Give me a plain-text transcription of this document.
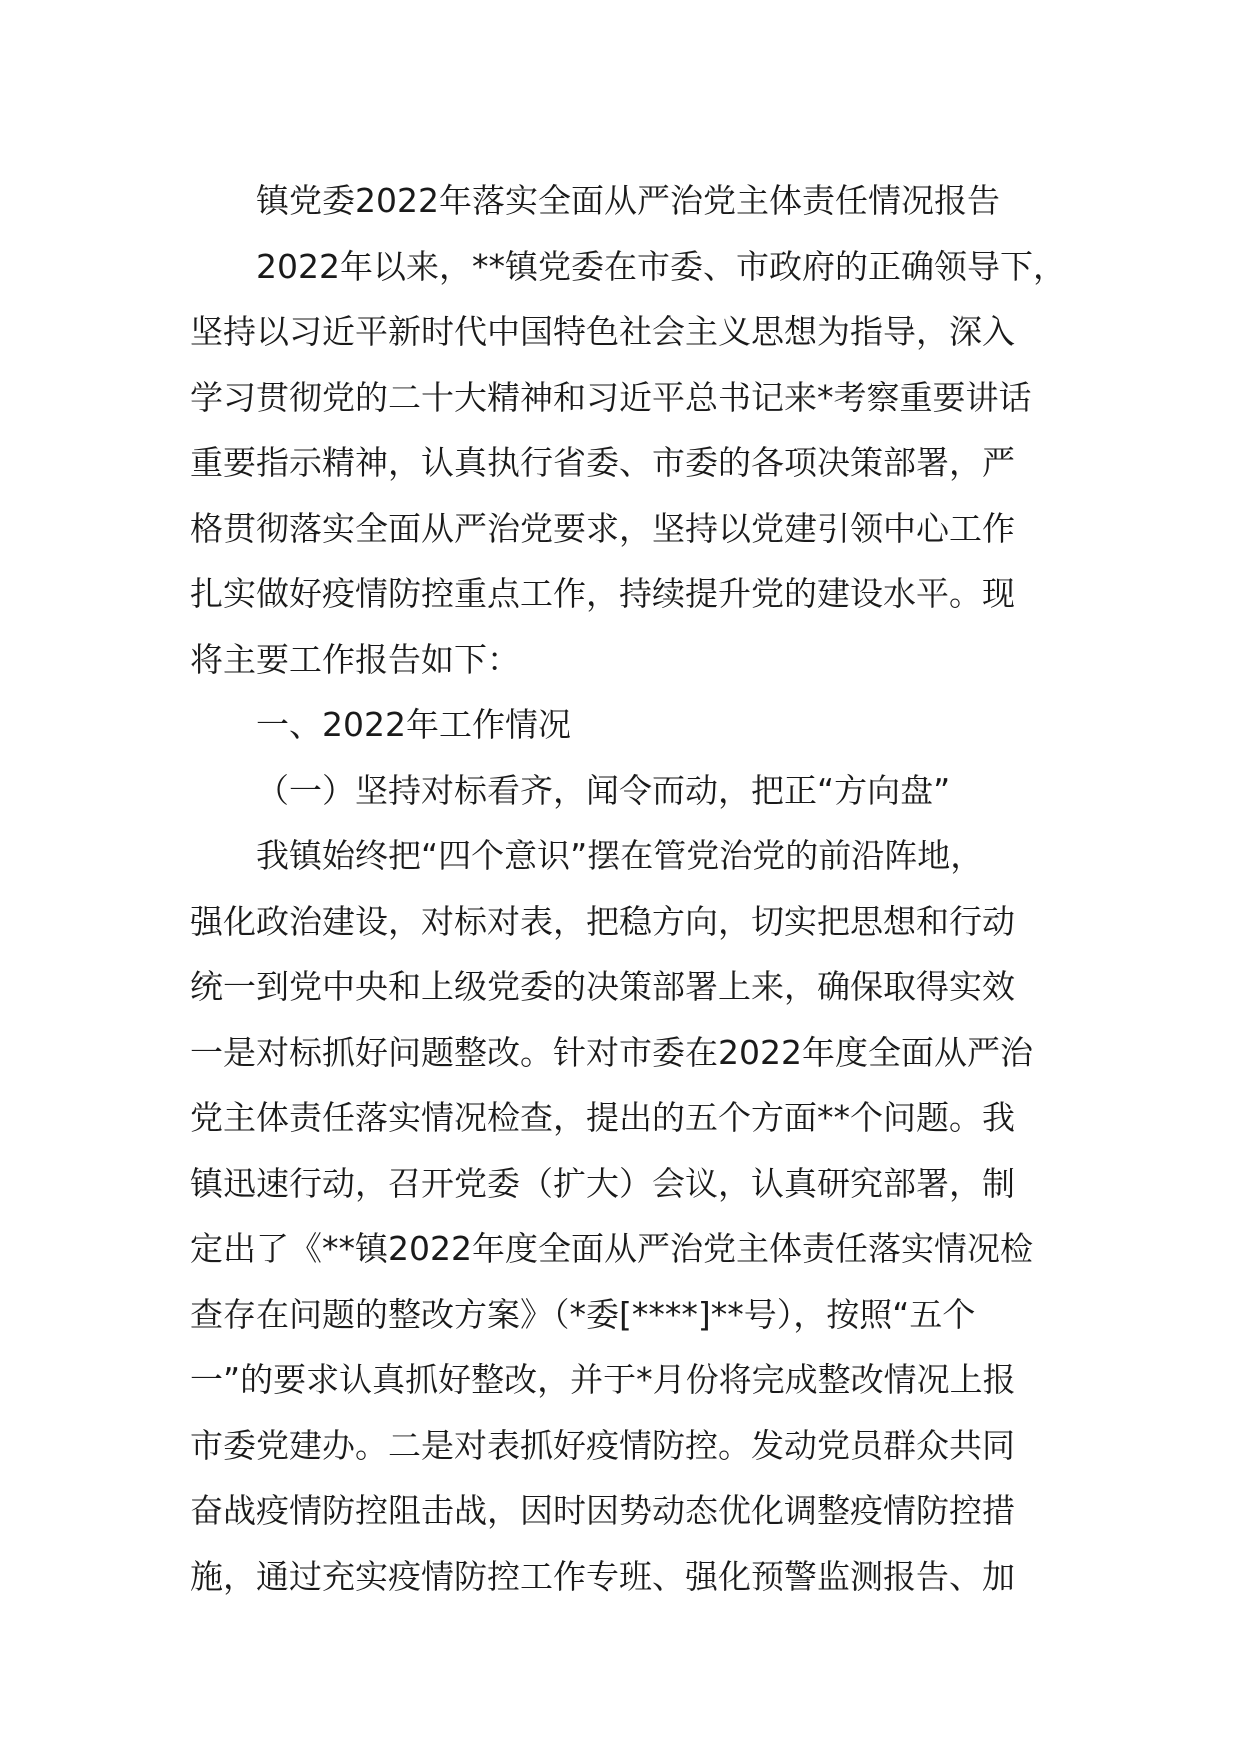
镇党委2022年落实全面从严治党主体责任情况报告
2022年以来，**镇党委在市委、市政府的正确领导下，
坚持以习近平新时代中国特色社会主义思想为指导，深入
学习贯彻党的二十大精神和习近平总书记来*考察重要讲话
重要指示精神，认真执行省委、市委的各项决策部署，严
格贯彻落实全面从严治党要求，坚持以党建引领中心工作
扎实做好疫情防控重点工作，持续提升党的建设水平。现
将主要工作报告如下：
一、2022年工作情况
（一）坚持对标看齐，闻令而动，把正“方向盘”
我镇始终把“四个意识”摆在管党治党的前沿阵地，
强化政治建设，对标对表，把稳方向，切实把思想和行动
统一到党中央和上级党委的决策部署上来，确保取得实效
一是对标抓好问题整改。针对市委在2022年度全面从严治
党主体责任落实情况检查，提出的五个方面**个问题。我
镇迅速行动，召开党委（扩大）会议，认真研究部署，制
定出了《**镇2022年度全面从严治党主体责任落实情况检
查存在问题的整改方案》（*委[****]**号），按照“五个
一”的要求认真抓好整改，并于*月份将完成整改情况上报
市委党建办。二是对表抓好疫情防控。发动党员群众共同
奋战疫情防控阻击战，因时因势动态优化调整疫情防控措
施，通过充实疫情防控工作专班、强化预警监测报告、加
